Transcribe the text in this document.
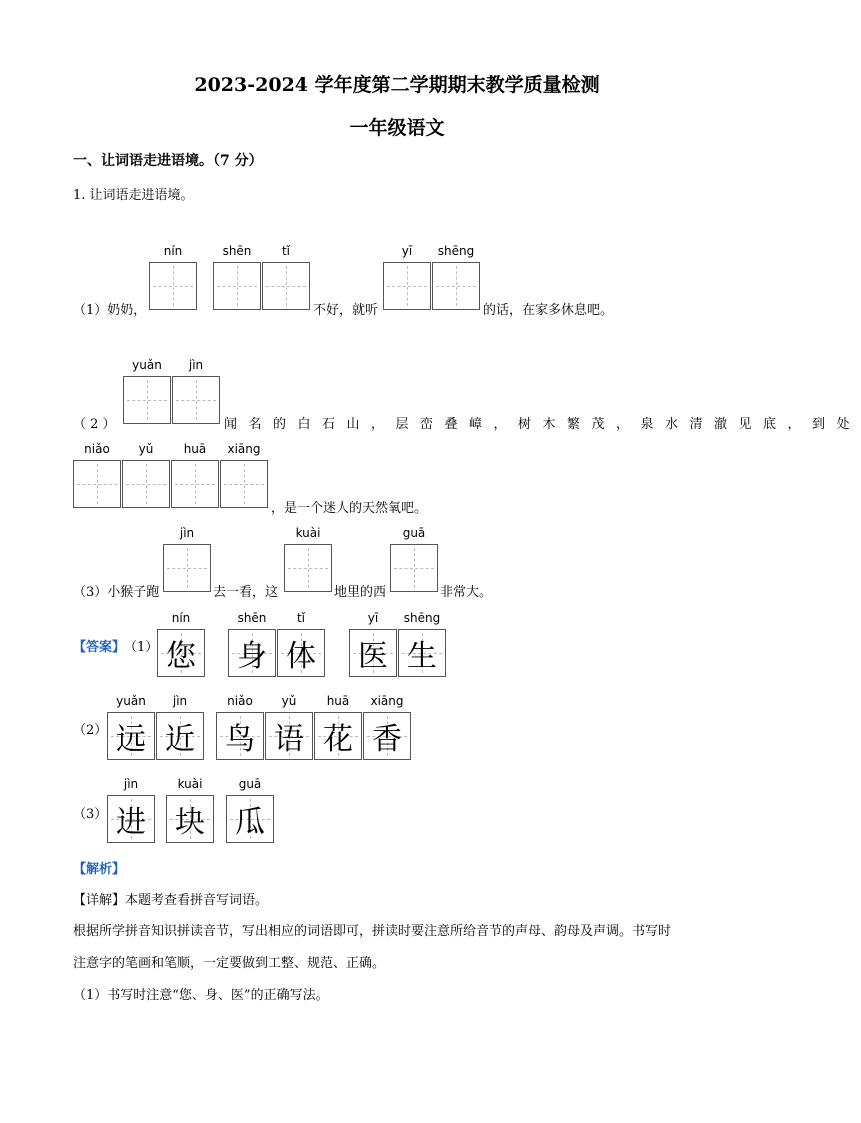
2023-2024 学年度第二学期期末教学质量检测
一年级语文
一、让词语走进语境。（7 分）
1. 让词语走进语境。
（1）奶奶，
nín	shēn	tǐ
不好，就听
yī	shēng
的话，在家多休息吧。
（ 2 ）
yuǎn	jìn
闻名的白石山，层峦叠嶂，树木繁茂，泉水清澈见底，到处
niǎo	yǔ	huā	xiāng
，是一个迷人的天然氧吧。
（3）小猴子跑
jìn
去一看，这
kuài
地里的西
guā
非常大。
【答案】
（1）
nín
您
shēn
身
tǐ
体
yī
医
shēng
生
（2）
yuǎn
远
jìn
近
niǎo
鸟
yǔ
语
huā
花
xiāng
香
（3）
jìn
进
kuài
块
guā
瓜
【解析】
【详解】本题考查看拼音写词语。
根据所学拼音知识拼读音节，写出相应的词语即可，拼读时要注意所给音节的声母、韵母及声调。书写时
注意字的笔画和笔顺，一定要做到工整、规范、正确。
（1）书写时注意“您、身、医”的正确写法。
